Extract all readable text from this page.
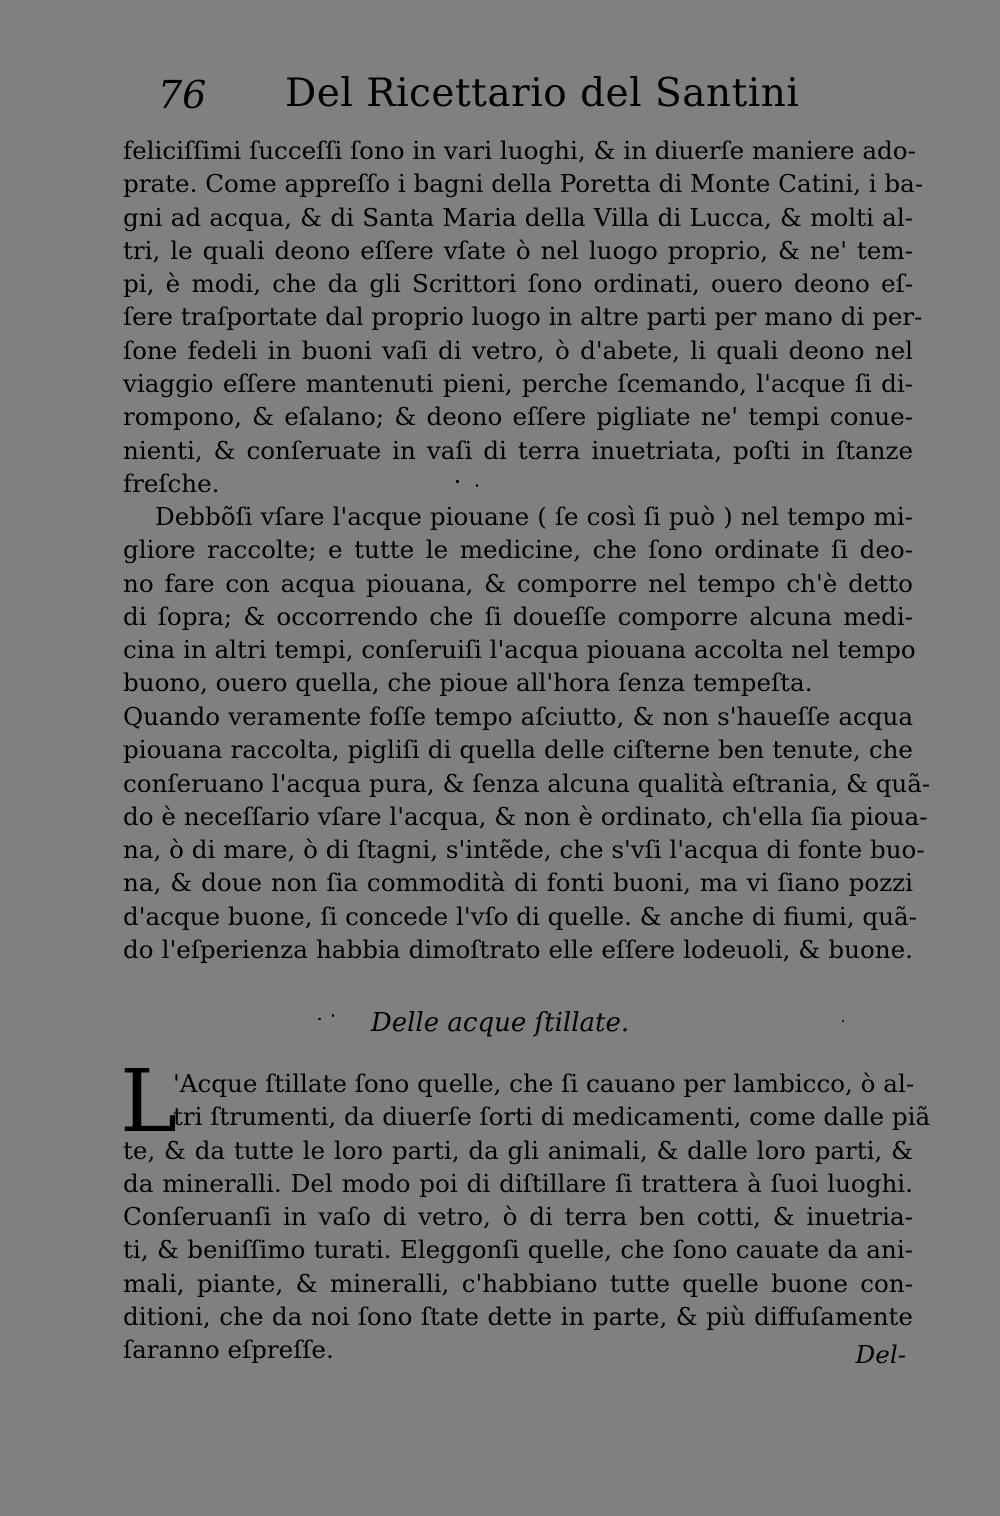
76 Del Ricettario del Santini
feliciſſimi ſucceſſi ſono in vari luoghi, & in diuerſe maniere ado-
prate. Come appreſſo i bagni della Poretta di Monte Catini, i ba-
gni ad acqua, & di Santa Maria della Villa di Lucca, & molti al-
tri, le quali deono eſſere vſate ò nel luogo proprio, & ne' tem-
pi, è modi, che da gli Scrittori ſono ordinati, ouero deono eſ-
ſere traſportate dal proprio luogo in altre parti per mano di per-
ſone fedeli in buoni vaſi di vetro, ò d'abete, li quali deono nel
viaggio eſſere mantenuti pieni, perche ſcemando, l'acque ſi di-
rompono, & eſalano; & deono eſſere pigliate ne' tempi conue-
nienti, & conſeruate in vaſi di terra inuetriata, poſti in ſtanze
freſche.
Debbõſi vſare l'acque piouane ( ſe così ſi può ) nel tempo mi-
gliore raccolte; e tutte le medicine, che ſono ordinate ſi deo-
no fare con acqua piouana, & comporre nel tempo ch'è detto
di ſopra; & occorrendo che ſi doueſſe comporre alcuna medi-
cina in altri tempi, conſeruiſi l'acqua piouana accolta nel tempo
buono, ouero quella, che pioue all'hora ſenza tempeſta.
Quando veramente foſſe tempo aſciutto, & non s'haueſſe acqua
piouana raccolta, pigliſi di quella delle ciſterne ben tenute, che
conſeruano l'acqua pura, & ſenza alcuna qualità eſtrania, & quã-
do è neceſſario vſare l'acqua, & non è ordinato, ch'ella ſia pioua-
na, ò di mare, ò di ſtagni, s'intẽde, che s'vſi l'acqua di fonte buo-
na, & doue non ſia commodità di fonti buoni, ma vi ſiano pozzi
d'acque buone, ſi concede l'vſo di quelle. & anche di fiumi, quã-
do l'eſperienza habbia dimoſtrato elle eſſere lodeuoli, & buone.
Delle acque ſtillate.
L
'Acque ſtillate ſono quelle, che ſi cauano per lambicco, ò al-
tri ſtrumenti, da diuerſe ſorti di medicamenti, come dalle piã
te, & da tutte le loro parti, da gli animali, & dalle loro parti, &
da mineralli. Del modo poi di diſtillare ſi trattera à ſuoi luoghi.
Conſeruanſi in vaſo di vetro, ò di terra ben cotti, & inuetria-
ti, & beniſſimo turati. Eleggonſi quelle, che ſono cauate da ani-
mali, piante, & mineralli, c'habbiano tutte quelle buone con-
ditioni, che da noi ſono ſtate dette in parte, & più diffuſamente
ſaranno eſpreſſe.	Del-
